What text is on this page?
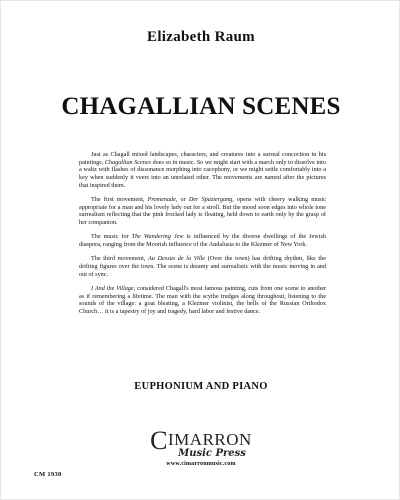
Elizabeth Raum
CHAGALLIAN SCENES

Just as Chagall mixed landscapes, characters, and creatures into a surreal concoction in his paintings, Chagallian Scenes does so in music. So we might start with a march only to dissolve into a waltz with flashes of dissonance morphing into cacophony, or we might settle comfortably into a key when suddenly it veers into an unrelated other. The movements are named after the pictures that inspired them.

The first movement, Promenade, or Der Spaziergang, opens with cheery walking music appropriate for a man and his lovely lady out for a stroll. But the mood soon edges into whole tone surrealism reflecting that the pink frocked lady is floating, held down to earth only by the grasp of her companion.

The music for The Wandering Jew is influenced by the diverse dwellings of the Jewish diaspora, ranging from the Moorish influence of the Andalusia to the Klezmer of New York.

The third movement, Au Dessus de la Ville (Over the town) has drifting rhythm, like the drifting figures over the town. The scene is dreamy and surrealistic with the music moving in and out of sync.

I And the Village, considered Chagall's most famous painting, cuts from one scene to another as if remembering a lifetime. The man with the scythe trudges along throughout, listening to the sounds of the village: a goat bleating, a Klezmer violinist, the bells of the Russian Orthodox Church… it is a tapestry of joy and tragedy, hard labor and festive dance.

EUPHONIUM AND PIANO
CIMARRON
Music Press
www.cimarronmusic.com
CM 1930
